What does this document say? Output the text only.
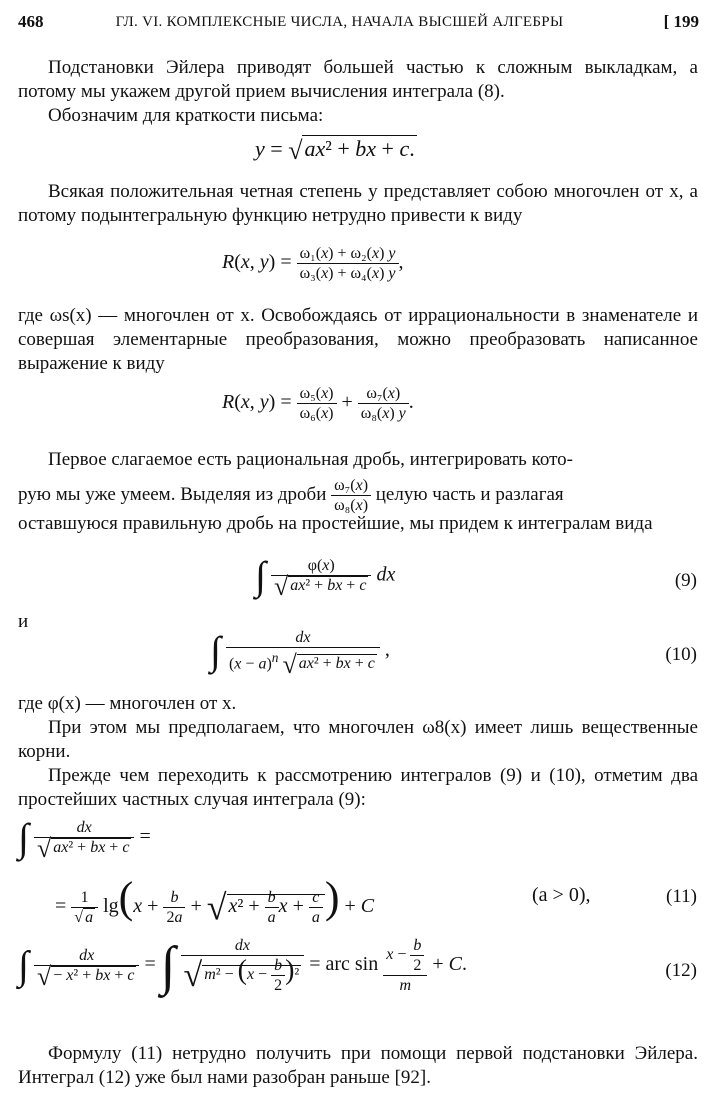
468	ГЛ. VI. КОМПЛЕКСНЫЕ ЧИСЛА, НАЧАЛА ВЫСШЕЙ АЛГЕБРЫ	[ 199
Подстановки Эйлера приводят большей частью к сложным выкладкам, а потому мы укажем другой прием вычисления интеграла (8).
Обозначим для краткости письма:
y = √ax² + bx + c.
Всякая положительная четная степень y представляет собою многочлен от x, а потому подынтегральную функцию нетрудно привести к виду
R(x, $y) = \frac{\text{ω₁(x) + ω₂(x) y}}{\text{ω₃(x) + ω₄(x) y}}$ ,
где ωs(x) — многочлен от x. Освобождаясь от иррациональности в знаменателе и совершая элементарные преобразования, можно преобразовать написанное выражение к виду
R(x, $y) = \frac{\text{ω₅(x)}}{\text{ω₆(x)}} + \frac{\text{ω₇(x)}}{\text{ω₈(x) y}}$ .
Первое слагаемое есть рациональная дробь, интегрировать кото-
рую мы уже умеем. Выделяя из дроби $\frac{\text{ω₇(x)}}{\text{ω₈(x)}}$ целую часть и разлагая
оставшуюся правильную дробь на простейшие, мы придем к интегралам вида
∫ $\frac{\varphi(x)}{\text{√ ax² + bx + c}}$ dx	(9)
и
∫ $\frac{dx}{(x - a)^n √ ax^2 + bx + c}$ ,	(10)
где φ(x) — многочлен от x.
При этом мы предполагаем, что многочлен ω8(x) имеет лишь вещественные корни.
Прежде чем переходить к рассмотрению интегралов (9) и (10), отметим два простейших частных случая интеграла (9):
∫ $\frac{dx}{\text{√ ax² + bx + c}}$ =
= $\frac{1}{√ a} \lg(x + \frac{b}{2a}$ + √ $x^2 + \frac{b}{a}$ $x + \frac{c}{a}$ ) + C	(a > 0),	(11)
∫ $\frac{dx}{\text{√ − x² + bx + c}}$ = ∫ $\frac{dx}{√ m^2 - (x - \frac{b}{2} )^2}$ = arc $\sin \frac{x - \frac{b}{2}}{m} + C$.	(12)
Формулу (11) нетрудно получить при помощи первой подстановки Эйлера. Интеграл (12) уже был нами разобран раньше [92].
